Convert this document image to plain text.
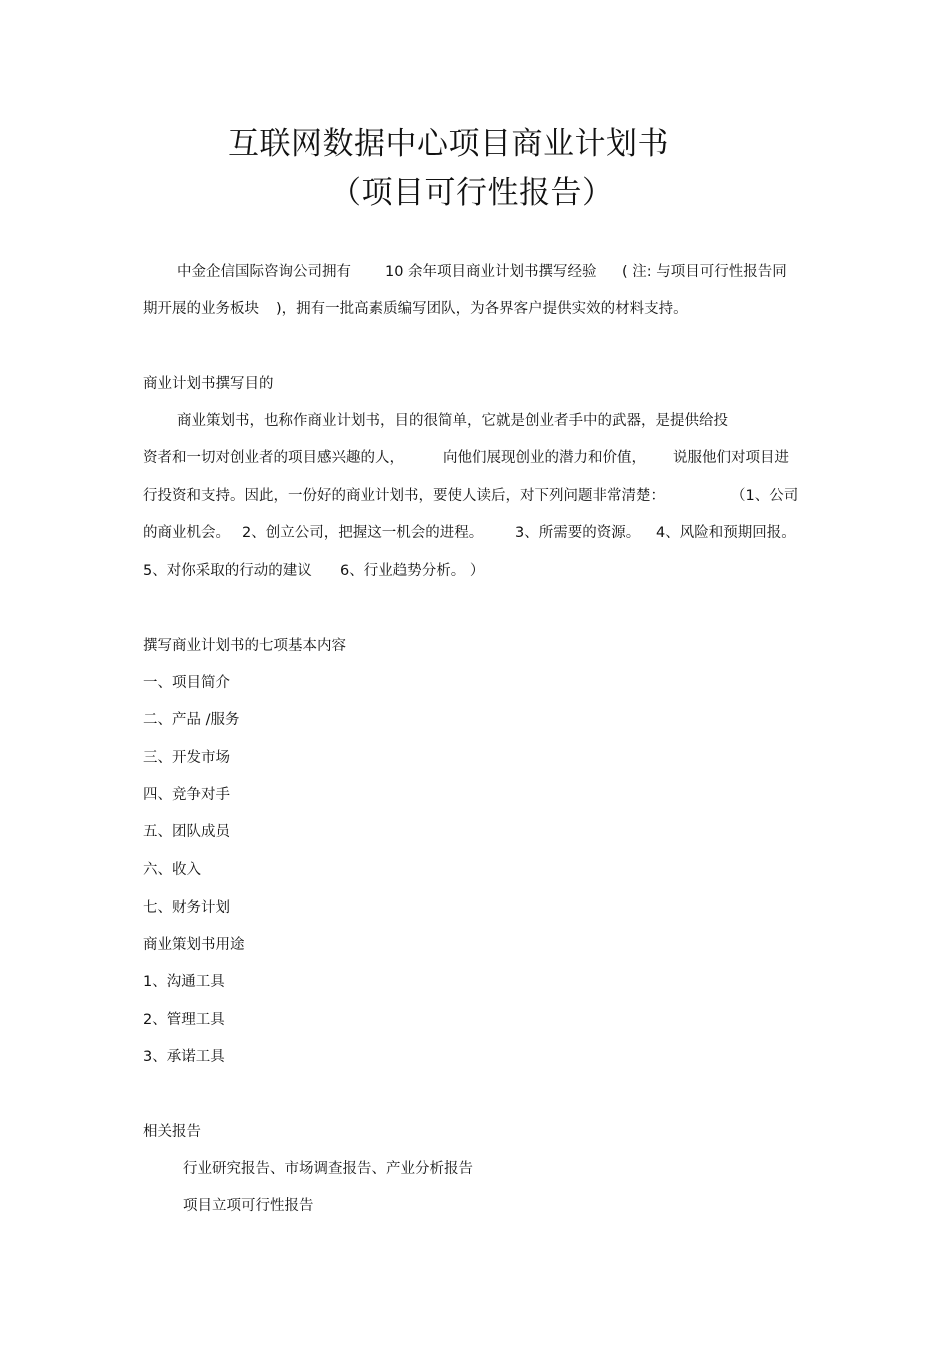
互联网数据中心项目商业计划书
（项目可行性报告）
中金企信国际咨询公司拥有 10 余年项目商业计划书撰写经验 ( 注: 与项目可行性报告同
期开展的业务板块 )，拥有一批高素质编写团队，为各界客户提供实效的材料支持。
商业计划书撰写目的
商业策划书，也称作商业计划书，目的很简单，它就是创业者手中的武器，是提供给投
资者和一切对创业者的项目感兴趣的人，	向他们展现创业的潜力和价值， 说服他们对项目进
行投资和支持。因此，一份好的商业计划书，要使人读后，对下列问题非常清楚：	（1、公司
的商业机会。 2、创立公司，把握这一机会的进程。 3、所需要的资源。 4、风险和预期回报。
5、对你采取的行动的建议 6、行业趋势分析。 ）
撰写商业计划书的七项基本内容
一、项目简介
二、产品 /服务
三、开发市场
四、竞争对手
五、团队成员
六、收入
七、财务计划
商业策划书用途
1、沟通工具
2、管理工具
3、承诺工具
相关报告
行业研究报告、市场调查报告、产业分析报告
项目立项可行性报告
